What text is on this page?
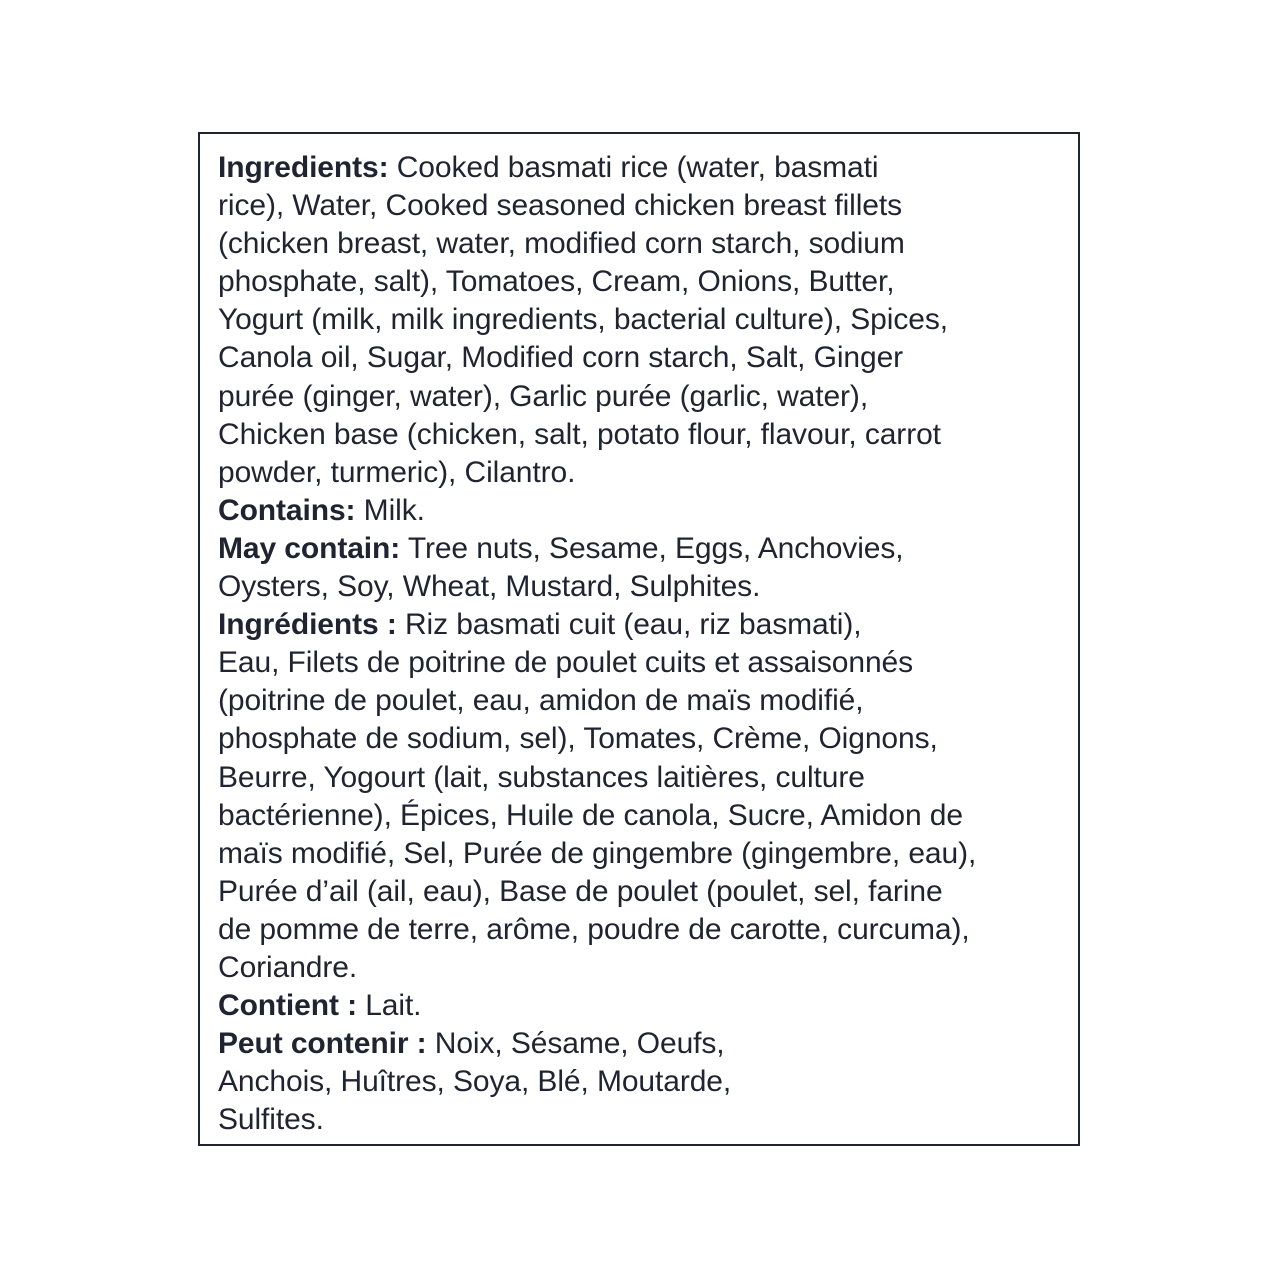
Ingredients: Cooked basmati rice (water, basmati
rice), Water, Cooked seasoned chicken breast fillets
(chicken breast, water, modified corn starch, sodium
phosphate, salt), Tomatoes, Cream, Onions, Butter,
Yogurt (milk, milk ingredients, bacterial culture), Spices,
Canola oil, Sugar, Modified corn starch, Salt, Ginger
purée (ginger, water), Garlic purée (garlic, water),
Chicken base (chicken, salt, potato flour, flavour, carrot
powder, turmeric), Cilantro.
Contains: Milk.
May contain: Tree nuts, Sesame, Eggs, Anchovies,
Oysters, Soy, Wheat, Mustard, Sulphites.
Ingrédients : Riz basmati cuit (eau, riz basmati),
Eau, Filets de poitrine de poulet cuits et assaisonnés
(poitrine de poulet, eau, amidon de maïs modifié,
phosphate de sodium, sel), Tomates, Crème, Oignons,
Beurre, Yogourt (lait, substances laitières, culture
bactérienne), Épices, Huile de canola, Sucre, Amidon de
maïs modifié, Sel, Purée de gingembre (gingembre, eau),
Purée d’ail (ail, eau), Base de poulet (poulet, sel, farine
de pomme de terre, arôme, poudre de carotte, curcuma),
Coriandre.
Contient : Lait.
Peut contenir : Noix, Sésame, Oeufs,
Anchois, Huîtres, Soya, Blé, Moutarde,
Sulfites.
